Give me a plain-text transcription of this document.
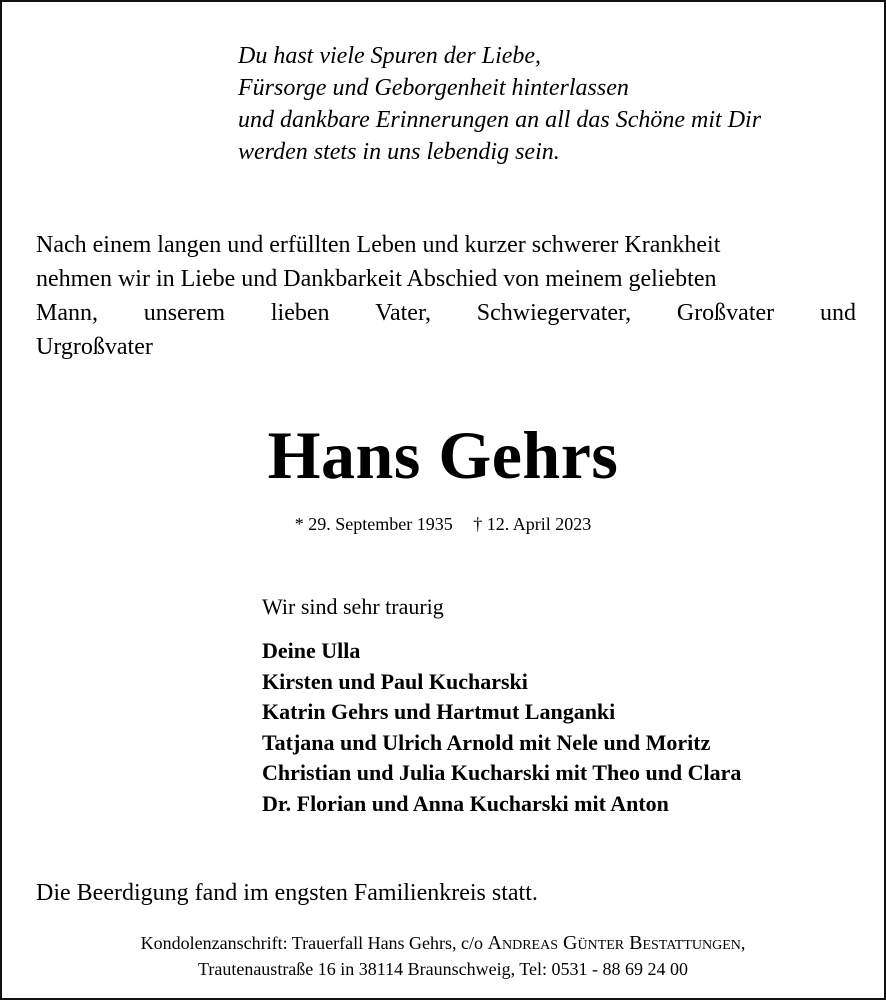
Du hast viele Spuren der Liebe,
Fürsorge und Geborgenheit hinterlassen
und dankbare Erinnerungen an all das Schöne mit Dir
werden stets in uns lebendig sein.
Nach einem langen und erfüllten Leben und kurzer schwerer Krankheit
nehmen wir in Liebe und Dankbarkeit Abschied von meinem geliebten
Mann, unserem lieben Vater, Schwiegervater, Großvater und
Urgroßvater
Hans Gehrs
* 29. September 1935 † 12. April 2023
Wir sind sehr traurig
Deine Ulla
Kirsten und Paul Kucharski
Katrin Gehrs und Hartmut Langanki
Tatjana und Ulrich Arnold mit Nele und Moritz
Christian und Julia Kucharski mit Theo und Clara
Dr. Florian und Anna Kucharski mit Anton
Die Beerdigung fand im engsten Familienkreis statt.
Kondolenzanschrift: Trauerfall Hans Gehrs, c/o Andreas Günter Bestattungen,
Trautenaustraße 16 in 38114 Braunschweig, Tel: 0531 - 88 69 24 00
